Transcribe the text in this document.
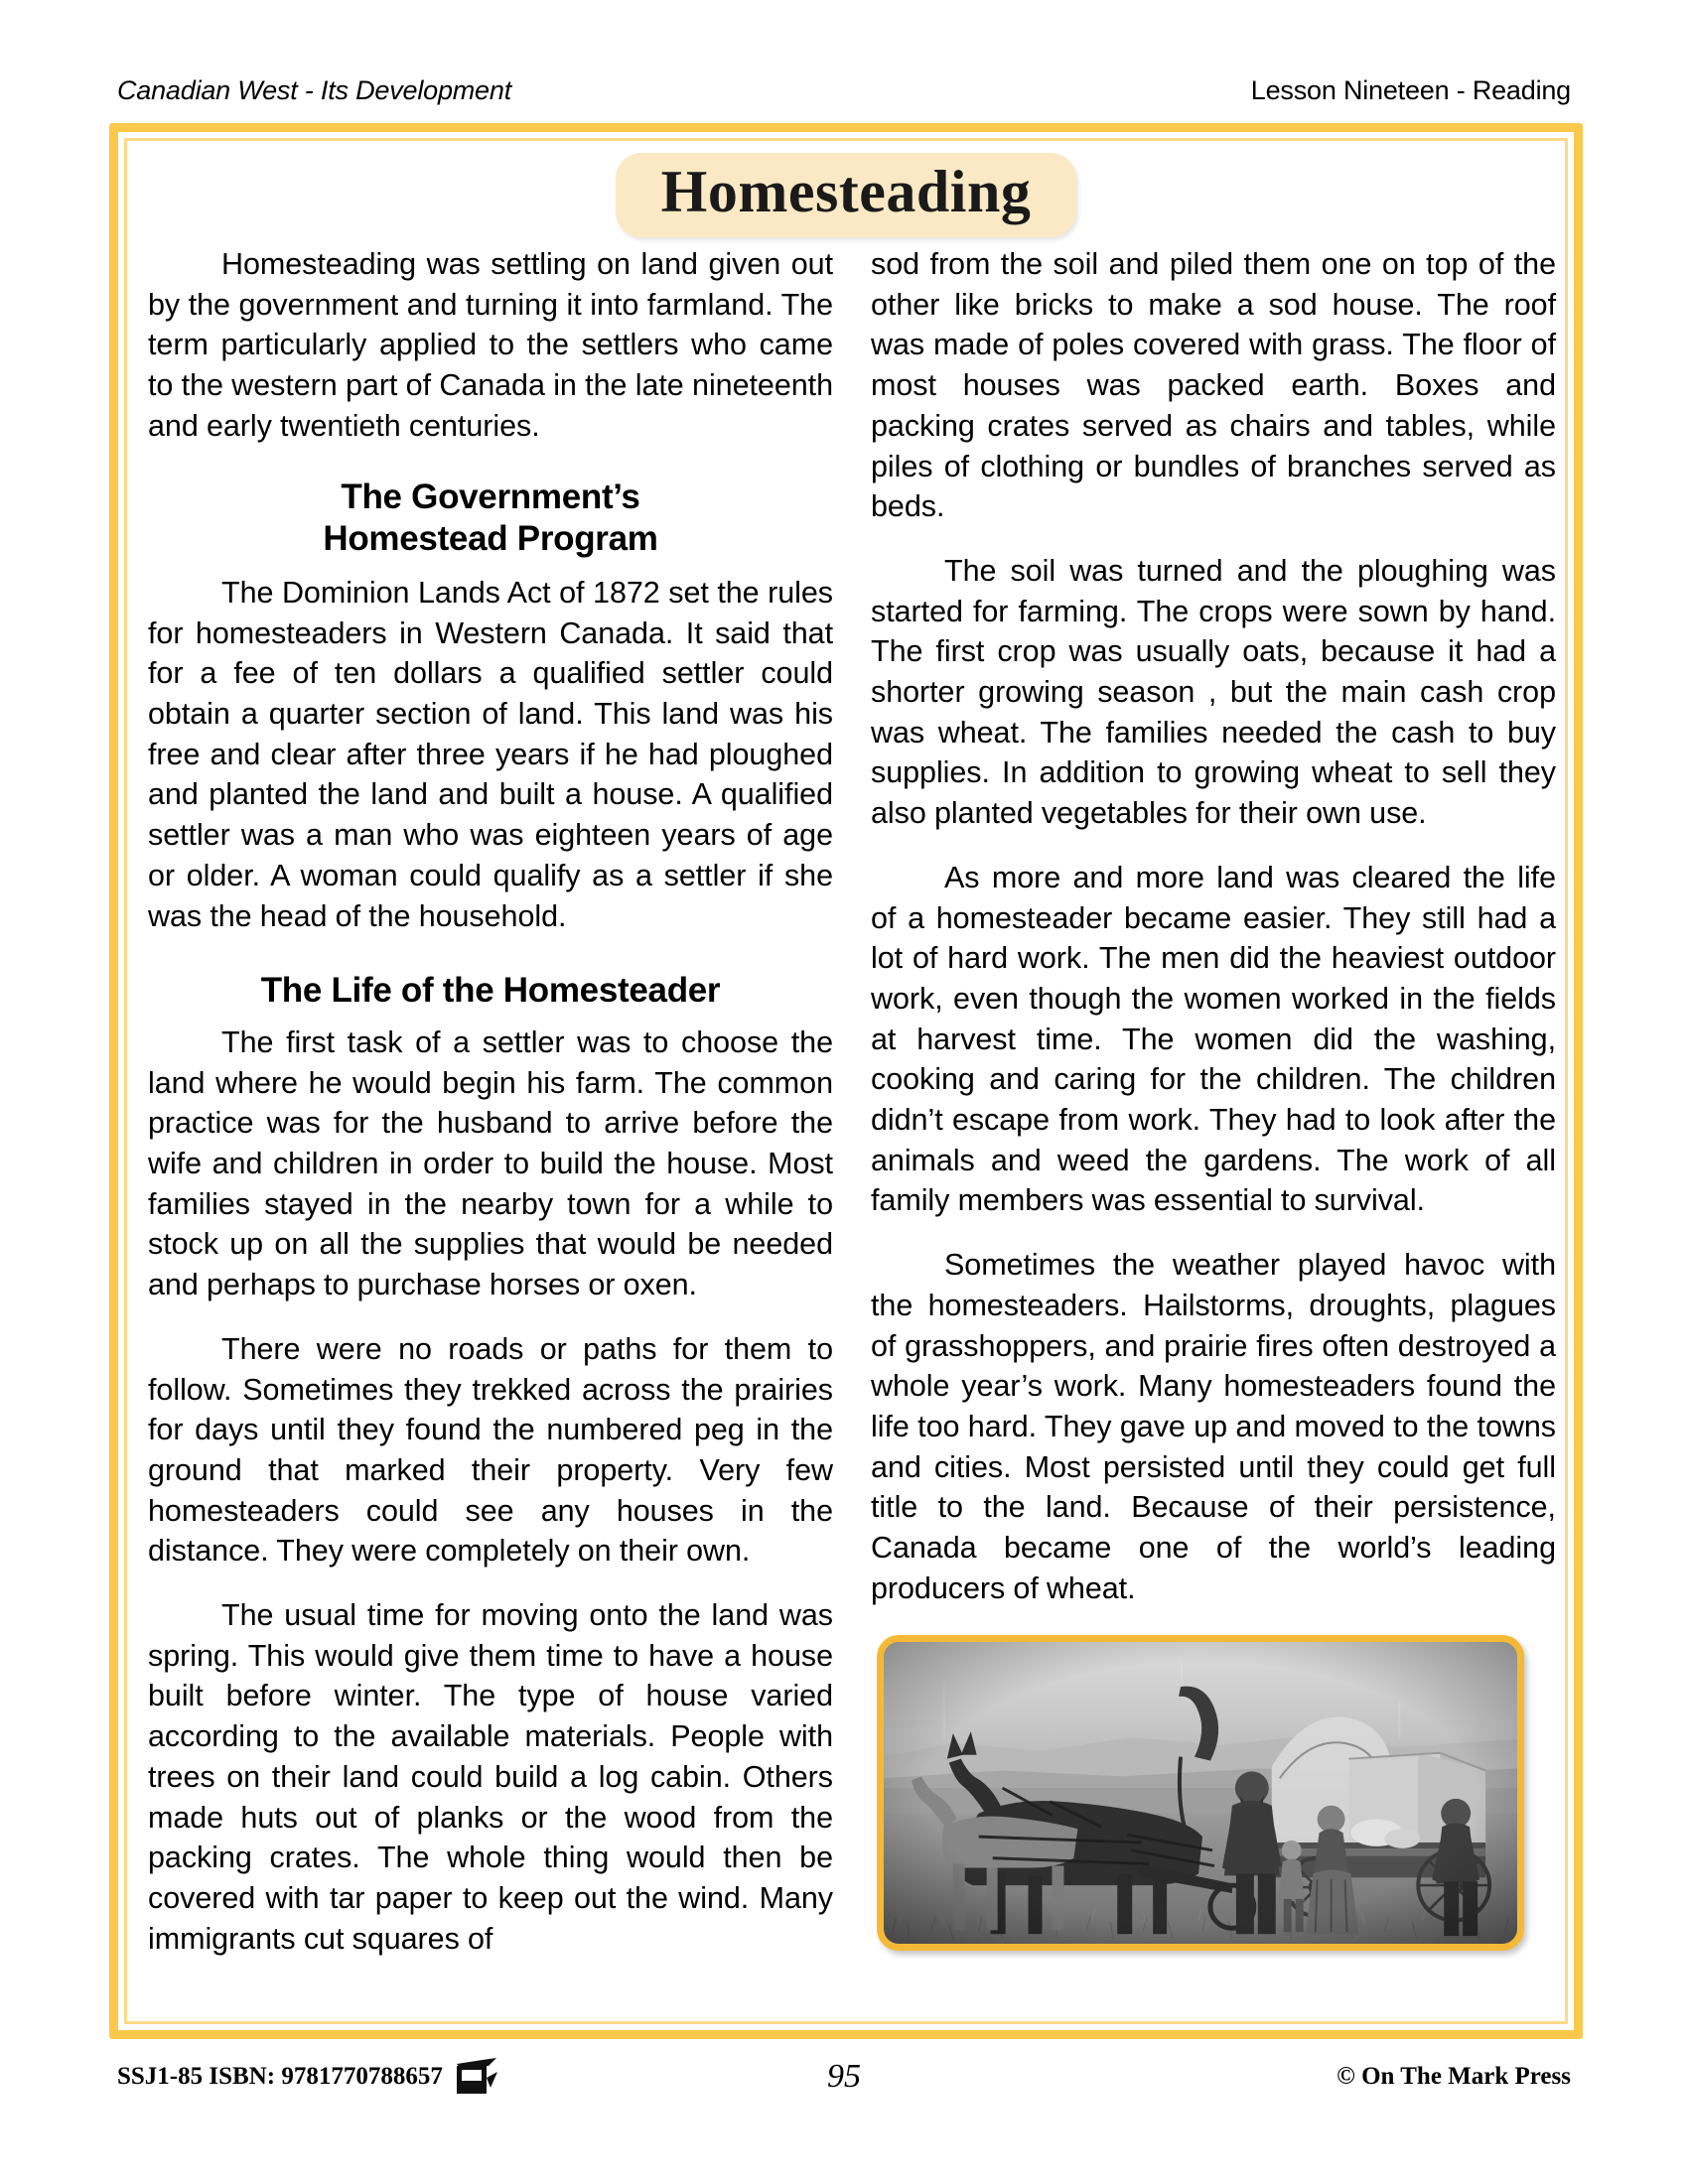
Canadian West - Its Development	Lesson Nineteen - Reading
Homesteading

Homesteading was settling on land given out by the government and turning it into farmland. The term particularly applied to the settlers who came to the western part of Canada in the late nineteenth and early twentieth centuries.

The Government’s
Homestead Program

The Dominion Lands Act of 1872 set the rules for homesteaders in Western Canada. It said that for a fee of ten dollars a qualified settler could obtain a quarter section of land. This land was his free and clear after three years if he had ploughed and planted the land and built a house. A qualified settler was a man who was eighteen years of age or older. A woman could qualify as a settler if she was the head of the household.

The Life of the Homesteader

The first task of a settler was to choose the land where he would begin his farm. The common practice was for the husband to arrive before the wife and children in order to build the house. Most families stayed in the nearby town for a while to stock up on all the supplies that would be needed and perhaps to purchase horses or oxen.

There were no roads or paths for them to follow. Sometimes they trekked across the prairies for days until they found the numbered peg in the ground that marked their property. Very few homesteaders could see any houses in the distance. They were completely on their own.

The usual time for moving onto the land was spring. This would give them time to have a house built before winter. The type of house varied according to the available materials. People with trees on their land could build a log cabin. Others made huts out of planks or the wood from the packing crates. The whole thing would then be covered with tar paper to keep out the wind. Many immigrants cut squares of

sod from the soil and piled them one on top of the other like bricks to make a sod house. The roof was made of poles covered with grass. The floor of most houses was packed earth. Boxes and packing crates served as chairs and tables, while piles of clothing or bundles of branches served as beds.

The soil was turned and the ploughing was started for farming. The crops were sown by hand. The first crop was usually oats, because it had a shorter growing season , but the main cash crop was wheat. The families needed the cash to buy supplies. In addition to growing wheat to sell they also planted vegetables for their own use.

As more and more land was cleared the life of a homesteader became easier. They still had a lot of hard work. The men did the heaviest outdoor work, even though the women worked in the fields at harvest time. The women did the washing, cooking and caring for the children. The children didn’t escape from work. They had to look after the animals and weed the gardens. The work of all family members was essential to survival.

Sometimes the weather played havoc with the homesteaders. Hailstorms, droughts, plagues of grasshoppers, and prairie fires often destroyed a whole year’s work. Many homesteaders found the life too hard. They gave up and moved to the towns and cities. Most persisted until they could get full title to the land. Because of their persistence, Canada became one of the world’s leading producers of wheat.

SSJ1-85 ISBN: 9781770788657	95	© On The Mark Press
